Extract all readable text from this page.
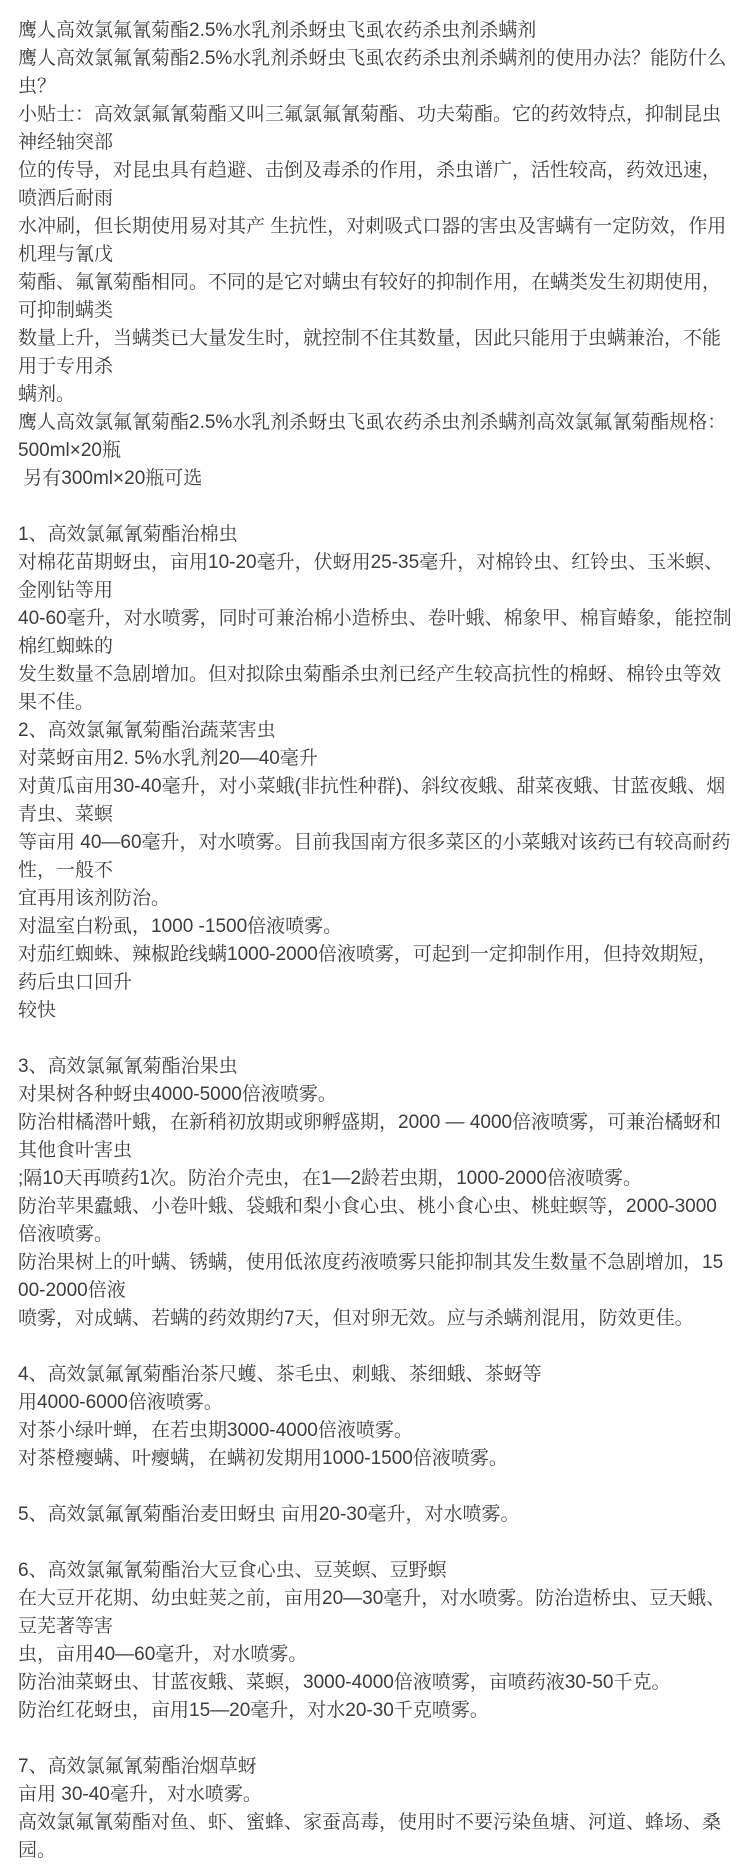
鹰人高效氯氟氰菊酯2.5%水乳剂杀蚜虫飞虱农药杀虫剂杀螨剂
鹰人高效氯氟氰菊酯2.5%水乳剂杀蚜虫飞虱农药杀虫剂杀螨剂的使用办法？能防什么虫？
小贴士：高效氯氟氰菊酯又叫三氟氯氟氰菊酯、功夫菊酯。它的药效特点，抑制昆虫神经轴突部
位的传导，对昆虫具有趋避、击倒及毒杀的作用，杀虫谱广，活性较高，药效迅速，喷洒后耐雨
水冲刷，但长期使用易对其产 生抗性，对刺吸式口器的害虫及害螨有一定防效，作用机理与氰戊
菊酯、氟氰菊酯相同。不同的是它对螨虫有较好的抑制作用，在螨类发生初期使用，可抑制螨类
数量上升，当螨类已大量发生时，就控制不住其数量，因此只能用于虫螨兼治，不能用于专用杀
螨剂。
鹰人高效氯氟氰菊酯2.5%水乳剂杀蚜虫飞虱农药杀虫剂杀螨剂高效氯氟氰菊酯规格：500ml×20瓶
另有300ml×20瓶可选
1、高效氯氟氰菊酯治棉虫
对棉花苗期蚜虫，亩用10-20毫升，伏蚜用25-35毫升，对棉铃虫、红铃虫、玉米螟、金刚钻等用
40-60毫升，对水喷雾，同时可兼治棉小造桥虫、卷叶蛾、棉象甲、棉盲蝽象，能控制棉红蜘蛛的
发生数量不急剧增加。但对拟除虫菊酯杀虫剂已经产生较高抗性的棉蚜、棉铃虫等效果不佳。
2、高效氯氟氰菊酯治蔬菜害虫
对菜蚜亩用2. 5%水乳剂20—40毫升
对黄瓜亩用30-40毫升，对小菜蛾(非抗性种群)、斜纹夜蛾、甜菜夜蛾、甘蓝夜蛾、烟青虫、菜螟
等亩用 40—60毫升，对水喷雾。目前我国南方很多菜区的小菜蛾对该药已有较高耐药性，一般不
宜再用该剂防治。
对温室白粉虱，1000 -1500倍液喷雾。
对茄红蜘蛛、辣椒跄线螨1000-2000倍液喷雾，可起到一定抑制作用，但持效期短，药后虫口回升
较快
3、高效氯氟氰菊酯治果虫
对果树各种蚜虫4000-5000倍液喷雾。
防治柑橘潜叶蛾，在新稍初放期或卵孵盛期，2000 — 4000倍液喷雾，可兼治橘蚜和其他食叶害虫
;隔10天再喷药1次。防治介壳虫，在1—2龄若虫期，1000-2000倍液喷雾。
防治苹果蠹蛾、小卷叶蛾、袋蛾和梨小食心虫、桃小食心虫、桃蛀螟等，2000-3000倍液喷雾。
防治果树上的叶螨、锈螨，使用低浓度药液喷雾只能抑制其发生数量不急剧增加，1500-2000倍液
喷雾，对成螨、若螨的药效期约7天，但对卵无效。应与杀螨剂混用，防效更佳。
4、高效氯氟氰菊酯治茶尺蠖、茶毛虫、刺蛾、茶细蛾、茶蚜等
用4000-6000倍液喷雾。
对茶小绿叶蝉，在若虫期3000-4000倍液喷雾。
对茶橙瘿螨、叶瘿螨，在螨初发期用1000-1500倍液喷雾。
5、高效氯氟氰菊酯治麦田蚜虫 亩用20-30毫升，对水喷雾。
6、高效氯氟氰菊酯治大豆食心虫、豆荚螟、豆野螟
在大豆开花期、幼虫蛀荚之前，亩用20—30毫升，对水喷雾。防治造桥虫、豆天蛾、豆芜著等害
虫，亩用40—60毫升，对水喷雾。
防治油菜蚜虫、甘蓝夜蛾、菜螟，3000-4000倍液喷雾，亩喷药液30-50千克。
防治红花蚜虫，亩用15—20毫升，对水20-30千克喷雾。
7、高效氯氟氰菊酯治烟草蚜
亩用 30-40毫升，对水喷雾。
高效氯氟氰菊酯对鱼、虾、蜜蜂、家蚕高毒，使用时不要污染鱼塘、河道、蜂场、桑园。
